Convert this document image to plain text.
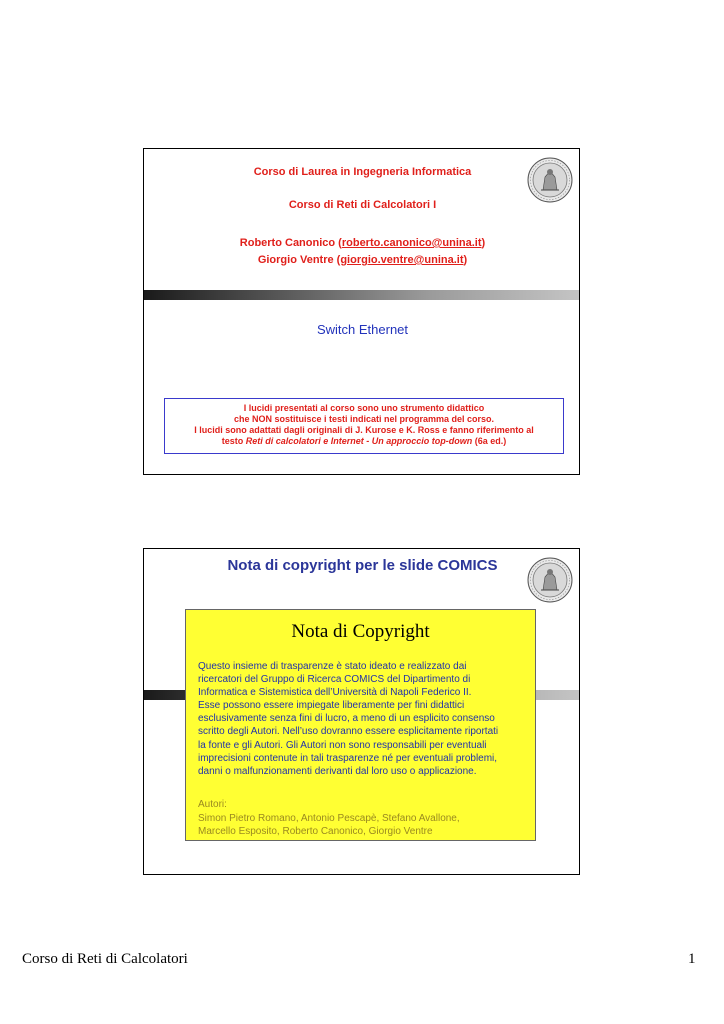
Corso di Laurea in Ingegneria Informatica
Corso di Reti di Calcolatori I
Roberto Canonico (roberto.canonico@unina.it)
Giorgio Ventre (giorgio.ventre@unina.it)
Switch Ethernet
I lucidi presentati al corso sono uno strumento didattico
che NON sostituisce i testi indicati nel programma del corso.
I lucidi sono adattati dagli originali di J. Kurose e K. Ross e fanno riferimento al
testo Reti di calcolatori e Internet - Un approccio top-down (6a ed.)
Nota di copyright per le slide COMICS
Nota di Copyright
Questo insieme di trasparenze è stato ideato e realizzato dai
ricercatori del Gruppo di Ricerca COMICS del Dipartimento di
Informatica e Sistemistica dell’Università di Napoli Federico II.
Esse possono essere impiegate liberamente per fini didattici
esclusivamente senza fini di lucro, a meno di un esplicito consenso
scritto degli Autori. Nell’uso dovranno essere esplicitamente riportati
la fonte e gli Autori. Gli Autori non sono responsabili per eventuali
imprecisioni contenute in tali trasparenze né per eventuali problemi,
danni o malfunzionamenti derivanti dal loro uso o applicazione.
Autori:
Simon Pietro Romano, Antonio Pescapè, Stefano Avallone,
Marcello Esposito, Roberto Canonico, Giorgio Ventre
Corso di Reti di Calcolatori	1
